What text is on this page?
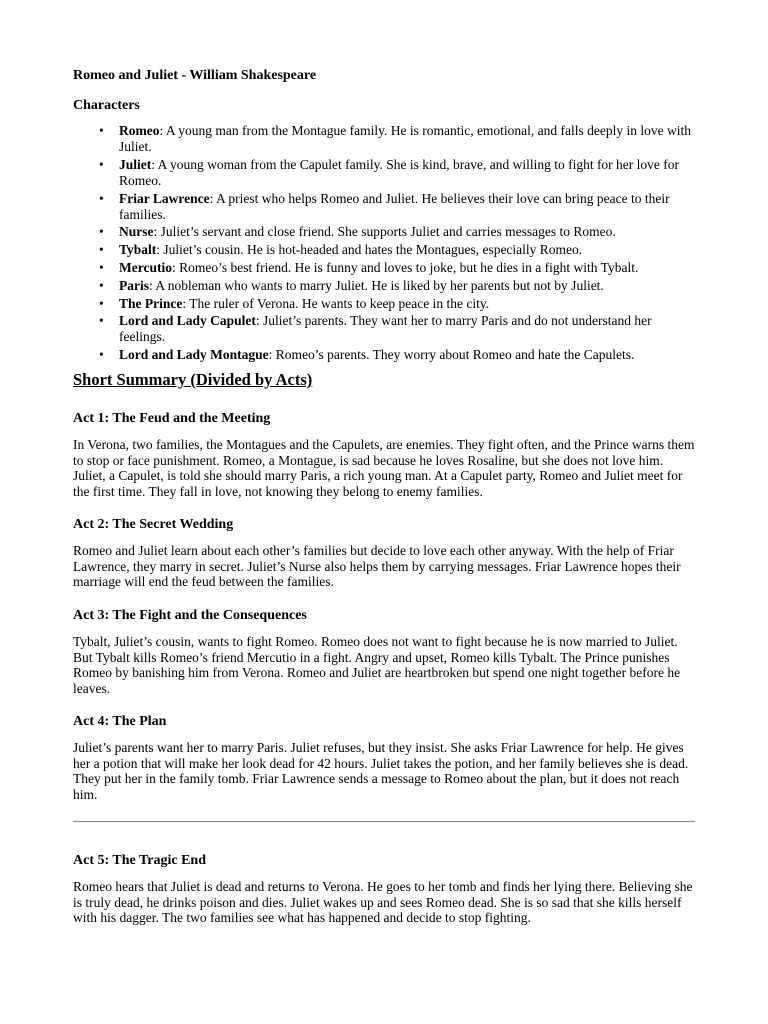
Romeo and Juliet - William Shakespeare
Characters
• Romeo: A young man from the Montague family. He is romantic, emotional, and falls deeply in love with Juliet.
• Juliet: A young woman from the Capulet family. She is kind, brave, and willing to fight for her love for Romeo.
• Friar Lawrence: A priest who helps Romeo and Juliet. He believes their love can bring peace to their families.
• Nurse: Juliet’s servant and close friend. She supports Juliet and carries messages to Romeo.
• Tybalt: Juliet’s cousin. He is hot-headed and hates the Montagues, especially Romeo.
• Mercutio: Romeo’s best friend. He is funny and loves to joke, but he dies in a fight with Tybalt.
• Paris: A nobleman who wants to marry Juliet. He is liked by her parents but not by Juliet.
• The Prince: The ruler of Verona. He wants to keep peace in the city.
• Lord and Lady Capulet: Juliet’s parents. They want her to marry Paris and do not understand her feelings.
• Lord and Lady Montague: Romeo’s parents. They worry about Romeo and hate the Capulets.
Short Summary (Divided by Acts)
Act 1: The Feud and the Meeting

In Verona, two families, the Montagues and the Capulets, are enemies. They fight often, and the Prince warns them to stop or face punishment. Romeo, a Montague, is sad because he loves Rosaline, but she does not love him. Juliet, a Capulet, is told she should marry Paris, a rich young man. At a Capulet party, Romeo and Juliet meet for the first time. They fall in love, not knowing they belong to enemy families.

Act 2: The Secret Wedding

Romeo and Juliet learn about each other’s families but decide to love each other anyway. With the help of Friar Lawrence, they marry in secret. Juliet’s Nurse also helps them by carrying messages. Friar Lawrence hopes their marriage will end the feud between the families.

Act 3: The Fight and the Consequences

Tybalt, Juliet’s cousin, wants to fight Romeo. Romeo does not want to fight because he is now married to Juliet. But Tybalt kills Romeo’s friend Mercutio in a fight. Angry and upset, Romeo kills Tybalt. The Prince punishes Romeo by banishing him from Verona. Romeo and Juliet are heartbroken but spend one night together before he leaves.

Act 4: The Plan

Juliet’s parents want her to marry Paris. Juliet refuses, but they insist. She asks Friar Lawrence for help. He gives her a potion that will make her look dead for 42 hours. Juliet takes the potion, and her family believes she is dead. They put her in the family tomb. Friar Lawrence sends a message to Romeo about the plan, but it does not reach him.

Act 5: The Tragic End

Romeo hears that Juliet is dead and returns to Verona. He goes to her tomb and finds her lying there. Believing she is truly dead, he drinks poison and dies. Juliet wakes up and sees Romeo dead. She is so sad that she kills herself with his dagger. The two families see what has happened and decide to stop fighting.
